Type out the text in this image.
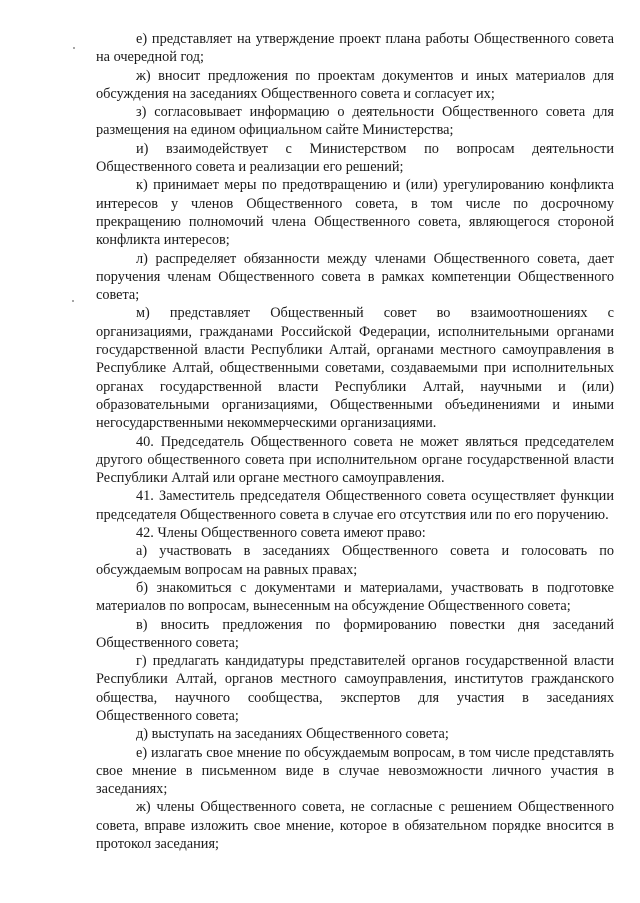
е) представляет на утверждение проект плана работы Общественного совета на очередной год;

ж) вносит предложения по проектам документов и иных материалов для обсуждения на заседаниях Общественного совета и согласует их;

з) согласовывает информацию о деятельности Общественного совета для размещения на едином официальном сайте Министерства;

и) взаимодействует с Министерством по вопросам деятельности Общественного совета и реализации его решений;

к) принимает меры по предотвращению и (или) урегулированию конфликта интересов у членов Общественного совета, в том числе по досрочному прекращению полномочий члена Общественного совета, являющегося стороной конфликта интересов;

л) распределяет обязанности между членами Общественного совета, дает поручения членам Общественного совета в рамках компетенции Общественного совета;

м) представляет Общественный совет во взаимоотношениях с организациями, гражданами Российской Федерации, исполнительными органами государственной власти Республики Алтай, органами местного самоуправления в Республике Алтай, общественными советами, создаваемыми при исполнительных органах государственной власти Республики Алтай, научными и (или) образовательными организациями, Общественными объединениями и иными негосударственными некоммерческими организациями.

40. Председатель Общественного совета не может являться председателем другого общественного совета при исполнительном органе государственной власти Республики Алтай или органе местного самоуправления.

41. Заместитель председателя Общественного совета осуществляет функции председателя Общественного совета в случае его отсутствия или по его поручению.

42. Члены Общественного совета имеют право:

а) участвовать в заседаниях Общественного совета и голосовать по обсуждаемым вопросам на равных правах;

б) знакомиться с документами и материалами, участвовать в подготовке материалов по вопросам, вынесенным на обсуждение Общественного совета;

в) вносить предложения по формированию повестки дня заседаний Общественного совета;

г) предлагать кандидатуры представителей органов государственной власти Республики Алтай, органов местного самоуправления, институтов гражданского общества, научного сообщества, экспертов для участия в заседаниях Общественного совета;

д) выступать на заседаниях Общественного совета;

е) излагать свое мнение по обсуждаемым вопросам, в том числе представлять свое мнение в письменном виде в случае невозможности личного участия в заседаниях;

ж) члены Общественного совета, не согласные с решением Общественного совета, вправе изложить свое мнение, которое в обязательном порядке вносится в протокол заседания;
